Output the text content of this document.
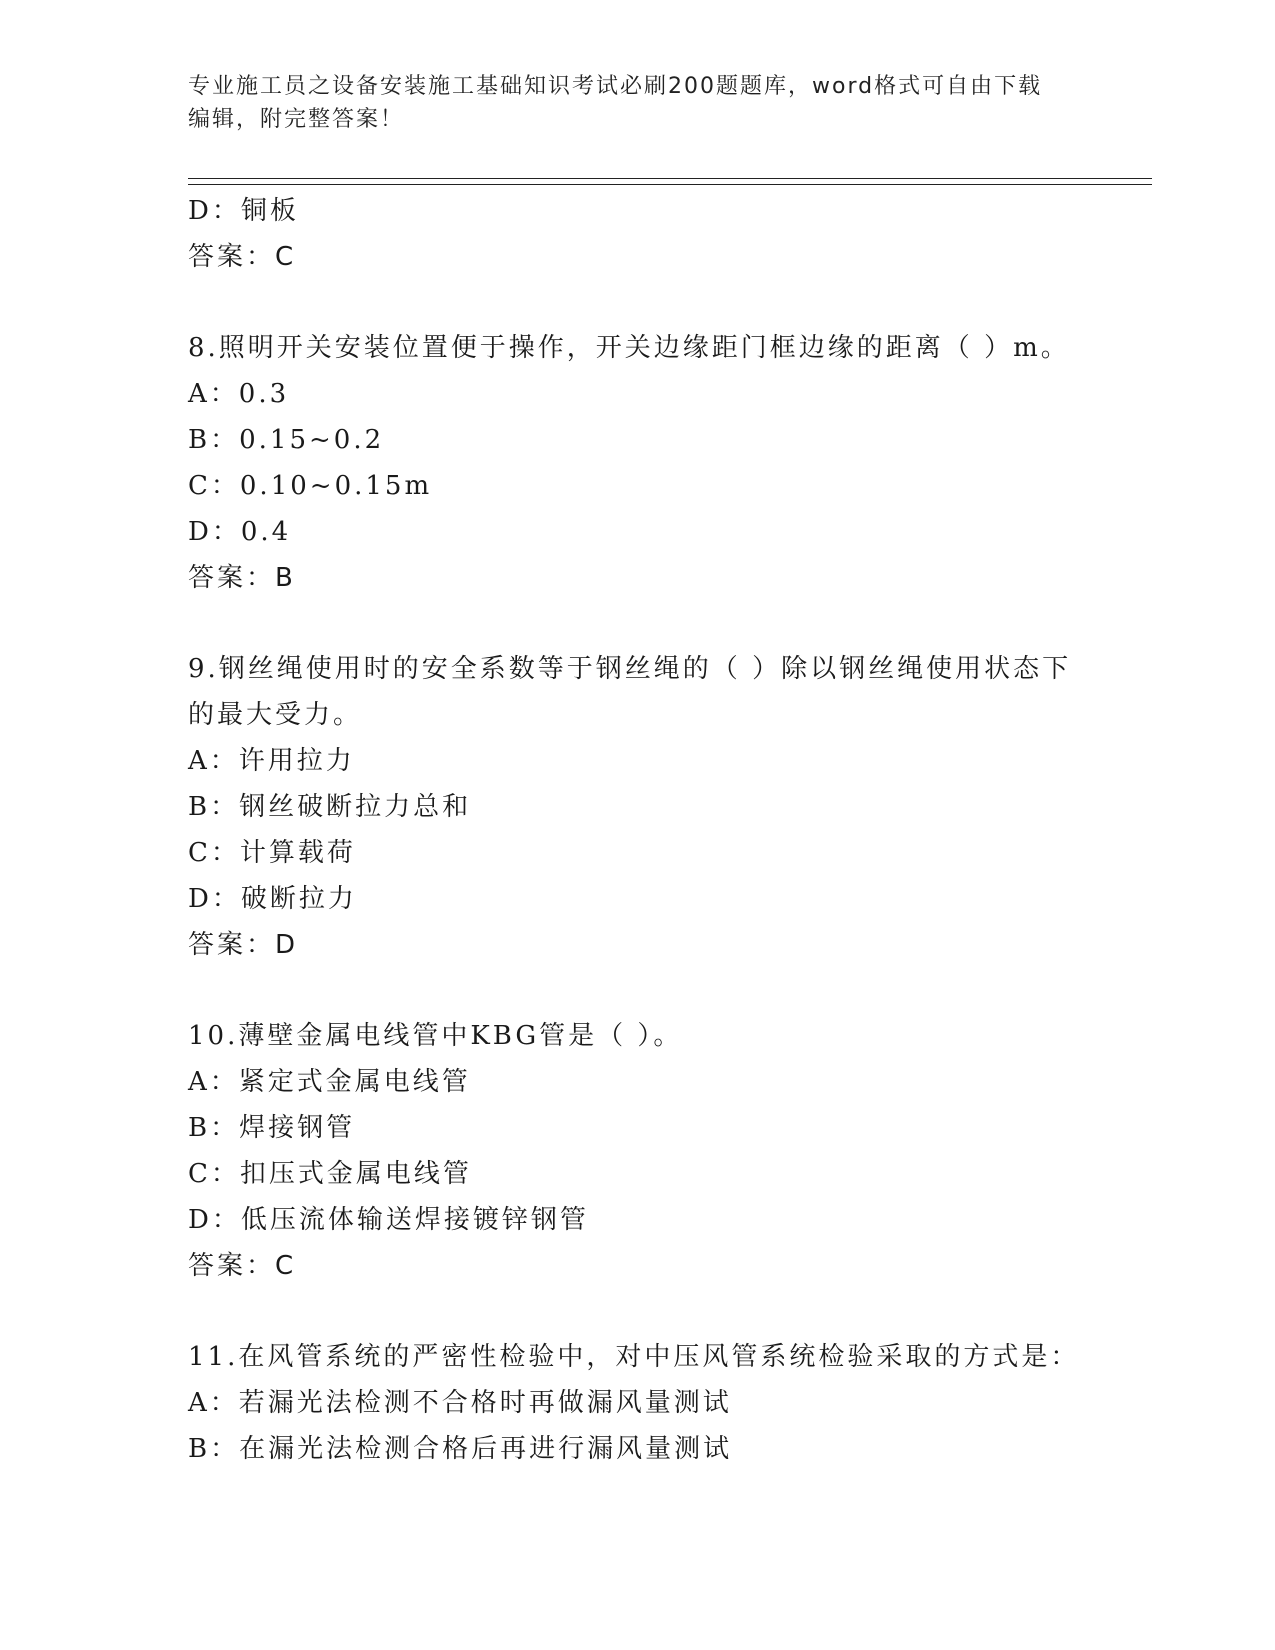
专业施工员之设备安装施工基础知识考试必刷200题题库，word格式可自由下载
编辑，附完整答案！
D：铜板
答案：C
8.照明开关安装位置便于操作，开关边缘距门框边缘的距离（ ）m。
A：0.3
B：0.15~0.2
C：0.10~0.15m
D：0.4
答案：B
9.钢丝绳使用时的安全系数等于钢丝绳的（ ）除以钢丝绳使用状态下
的最大受力。
A：许用拉力
B：钢丝破断拉力总和
C：计算载荷
D：破断拉力
答案：D
10.薄壁金属电线管中KBG管是（ ）。
A：紧定式金属电线管
B：焊接钢管
C：扣压式金属电线管
D：低压流体输送焊接镀锌钢管
答案：C
11.在风管系统的严密性检验中，对中压风管系统检验采取的方式是：
A：若漏光法检测不合格时再做漏风量测试
B：在漏光法检测合格后再进行漏风量测试
